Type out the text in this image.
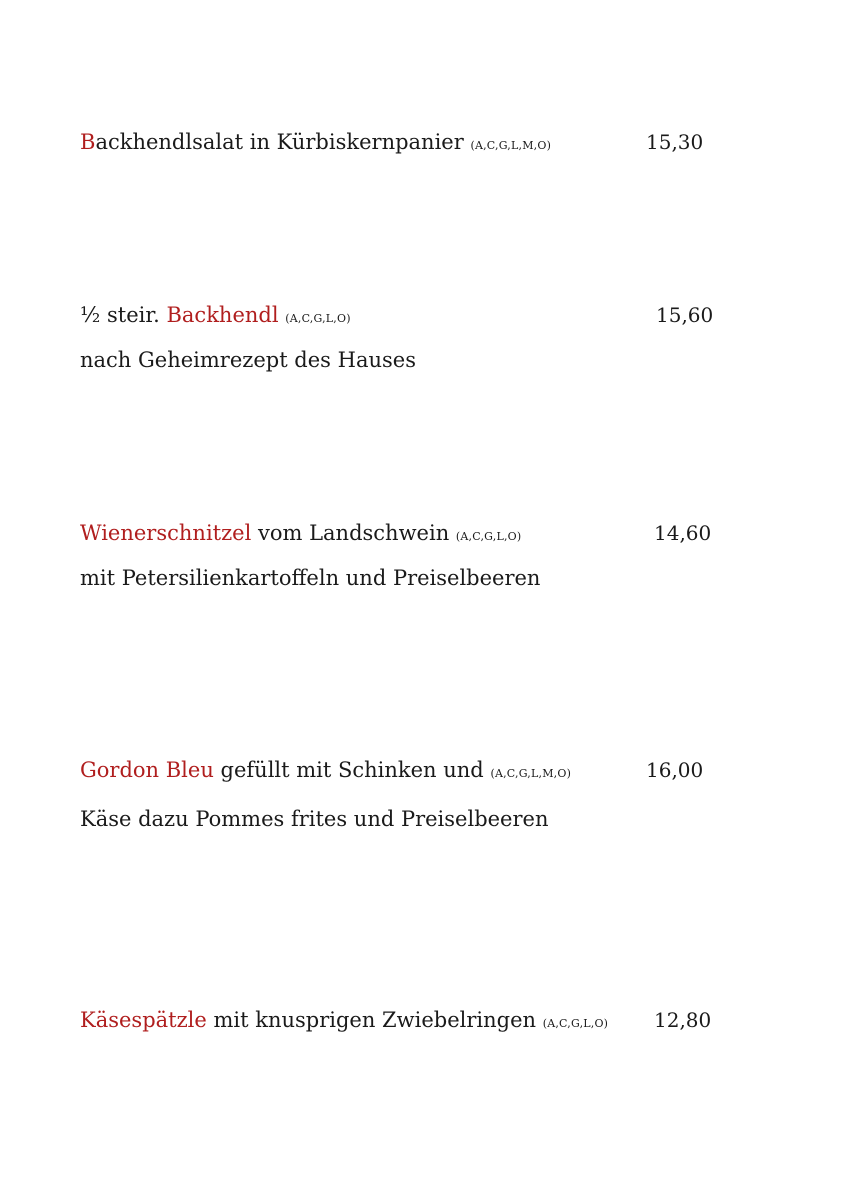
Backhendlsalat in Kürbiskernpanier (A,C,G,L,M,O)	15,30
½ steir. Backhendl (A,C,G,L,O)	15,60
nach Geheimrezept des Hauses
Wienerschnitzel vom Landschwein (A,C,G,L,O)	14,60
mit Petersilienkartoffeln und Preiselbeeren
Gordon Bleu gefüllt mit Schinken und (A,C,G,L,M,O)	16,00
Käse dazu Pommes frites und Preiselbeeren
Käsespätzle mit knusprigen Zwiebelringen (A,C,G,L,O) 12,80
